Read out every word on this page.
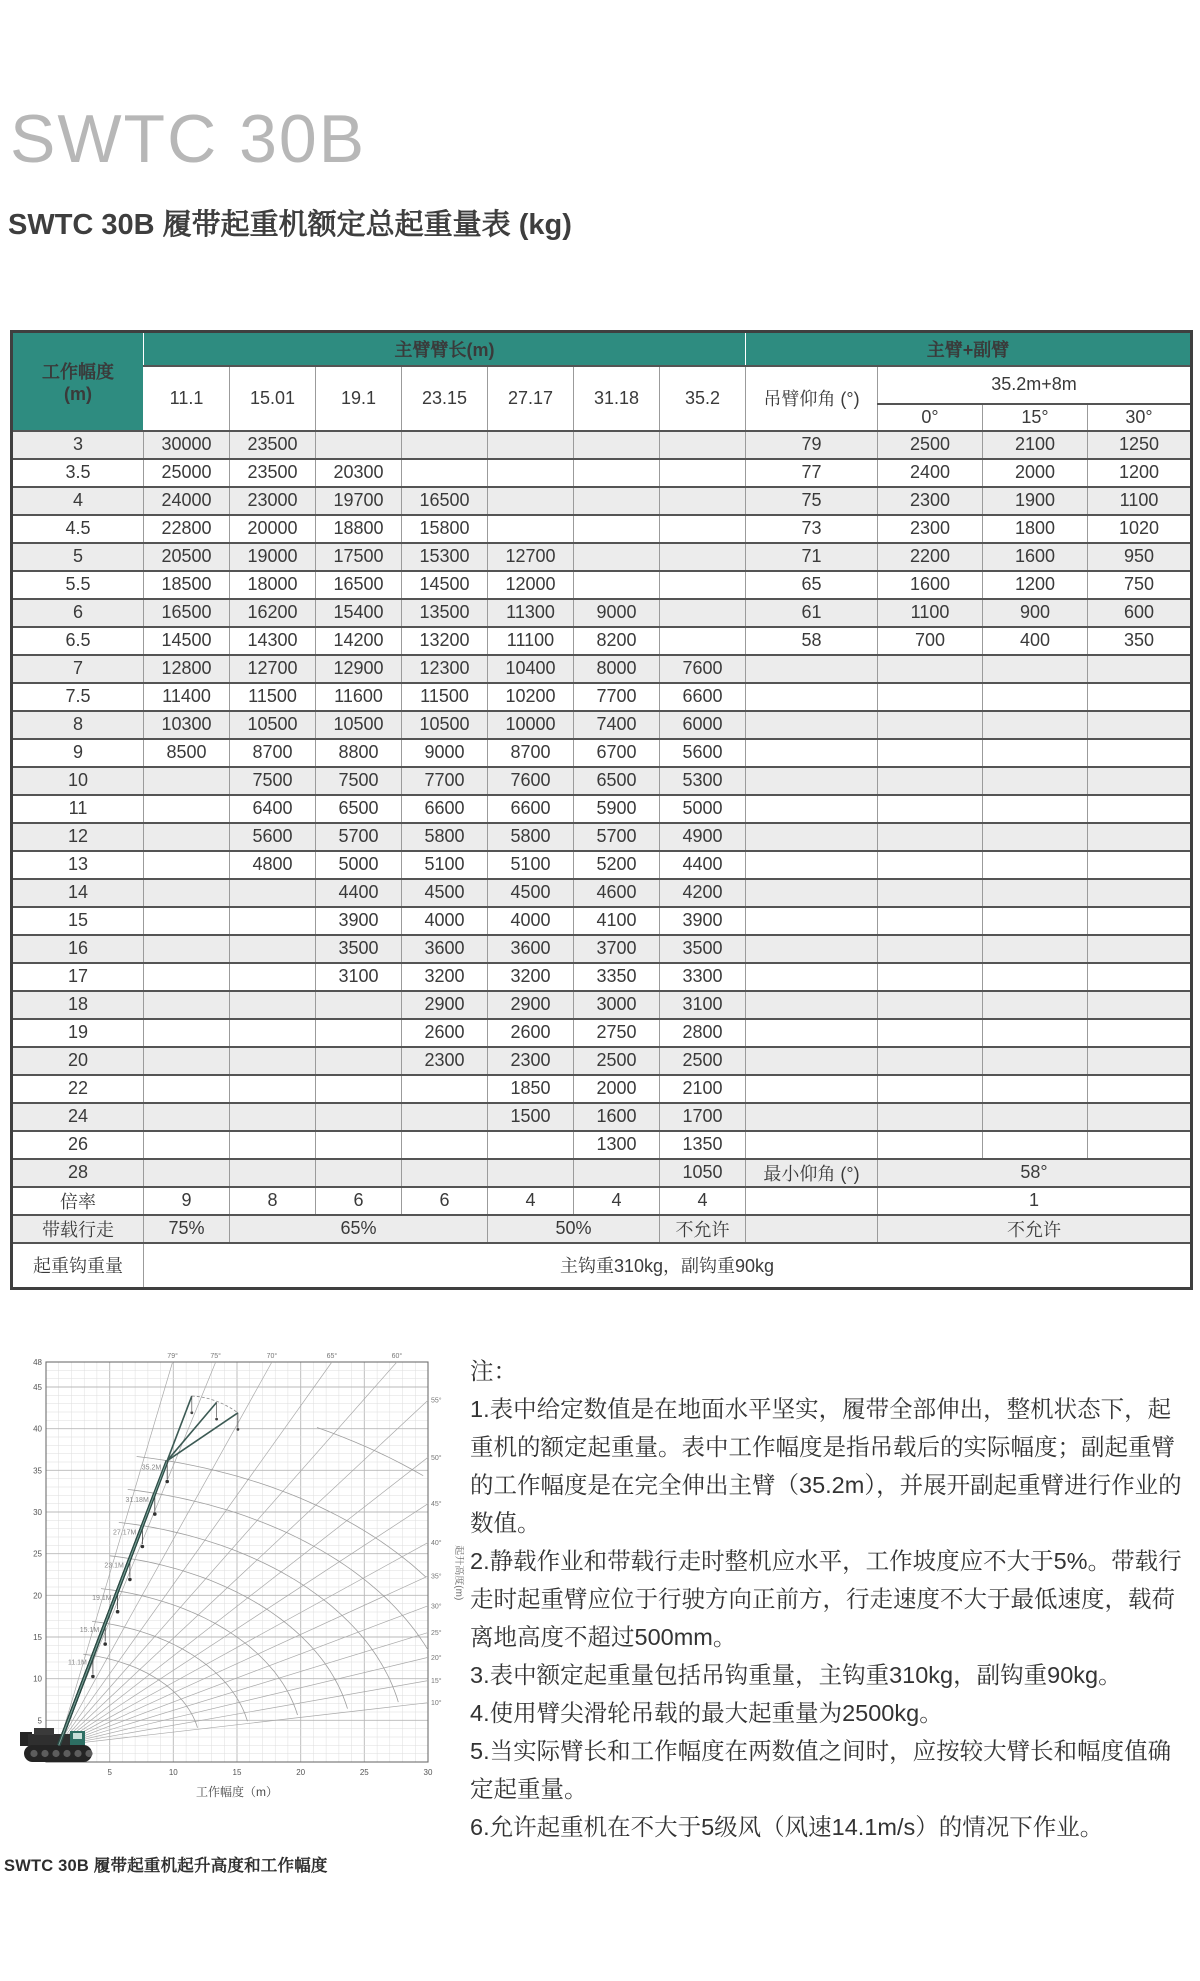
SWTC 30B
SWTC 30B 履带起重机额定总起重量表 (kg)
工作幅度
(m)	主臂臂长(m)							主臂+副臂			
	11.1	15.01	19.1	23.15	27.17	31.18	35.2	吊臂仰角 (°)	35.2m+8m		
									0°	15°	30°
3	30000	23500						79	2500	2100	1250
3.5	25000	23500	20300					77	2400	2000	1200
4	24000	23000	19700	16500				75	2300	1900	1100
4.5	22800	20000	18800	15800				73	2300	1800	1020
5	20500	19000	17500	15300	12700			71	2200	1600	950
5.5	18500	18000	16500	14500	12000			65	1600	1200	750
6	16500	16200	15400	13500	11300	9000		61	1100	900	600
6.5	14500	14300	14200	13200	11100	8200		58	700	400	350
7	12800	12700	12900	12300	10400	8000	7600				
7.5	11400	11500	11600	11500	10200	7700	6600				
8	10300	10500	10500	10500	10000	7400	6000				
9	8500	8700	8800	9000	8700	6700	5600				
10		7500	7500	7700	7600	6500	5300				
11		6400	6500	6600	6600	5900	5000				
12		5600	5700	5800	5800	5700	4900				
13		4800	5000	5100	5100	5200	4400				
14			4400	4500	4500	4600	4200				
15			3900	4000	4000	4100	3900				
16			3500	3600	3600	3700	3500				
17			3100	3200	3200	3350	3300				
18				2900	2900	3000	3100				
19				2600	2600	2750	2800				
20				2300	2300	2500	2500				
22					1850	2000	2100				
24					1500	1600	1700				
26						1300	1350				
28							1050	最小仰角 (°)	58°		
倍率	9	8	6	6	4	4	4		1		
带载行走	75%	65%			50%		不允许		不允许		
起重钩重量	主钩重310kg，副钩重90kg										
10°
15°
20°
25°
30°
35°
40°
45°
50°
55°
60°
65°
70°
75°
79°
11.1M
15.1M
19.1M
23.1M
27.17M
31.18M
35.2M
5	10	15	20	25	30
5
10
15
20
25
30
35
40
45
48
工作幅度（m）
起升高度(m)
SWTC 30B 履带起重机起升高度和工作幅度
注：
1.表中给定数值是在地面水平坚实，履带全部伸出，整机状态下，起重机的额定起重量。表中工作幅度是指吊载后的实际幅度；副起重臂的工作幅度是在完全伸出主臂（35.2m），并展开副起重臂进行作业的数值。
2.静载作业和带载行走时整机应水平，工作坡度应不大于5%。带载行走时起重臂应位于行驶方向正前方，行走速度不大于最低速度，载荷离地高度不超过500mm。
3.表中额定起重量包括吊钩重量，主钩重310kg，副钩重90kg。
4.使用臂尖滑轮吊载的最大起重量为2500kg。
5.当实际臂长和工作幅度在两数值之间时，应按较大臂长和幅度值确定起重量。
6.允许起重机在不大于5级风（风速14.1m/s）的情况下作业。
